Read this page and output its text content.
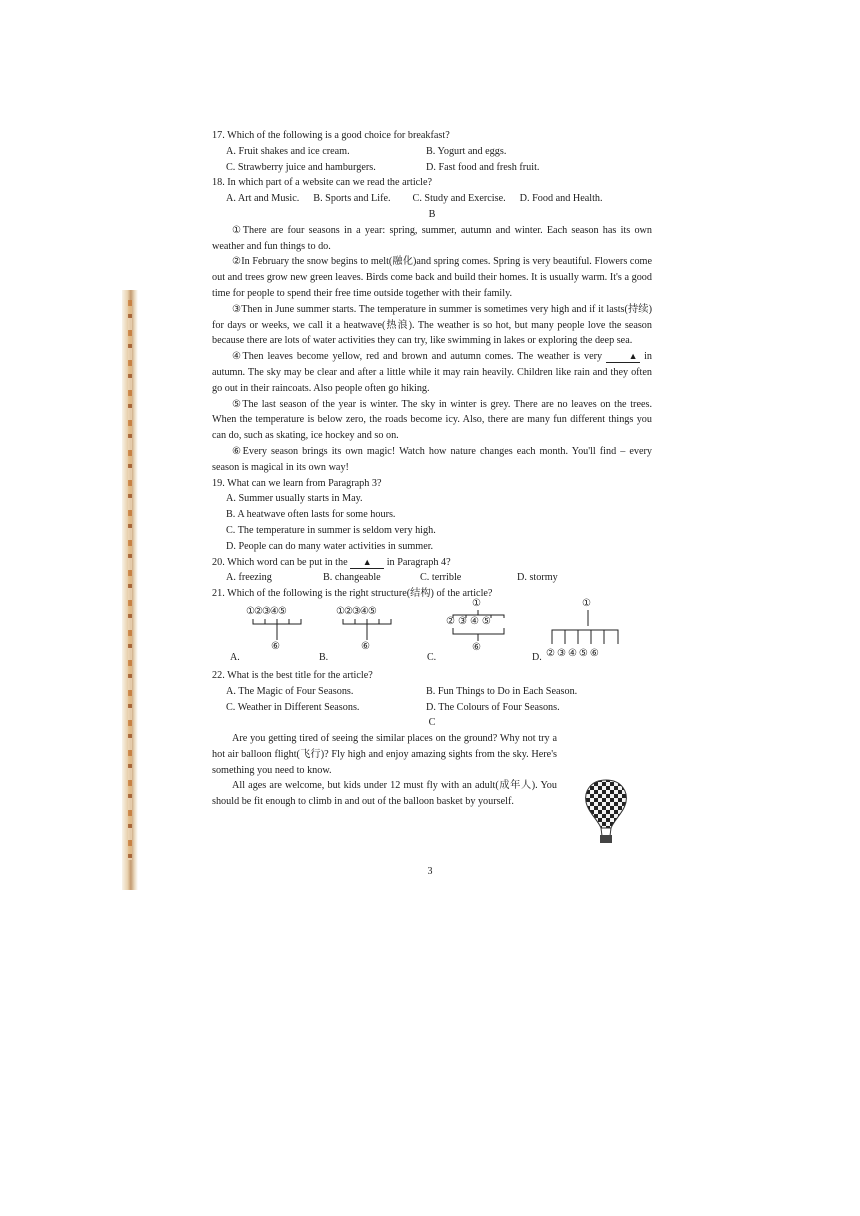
17. Which of the following is a good choice for breakfast?

A. Fruit shakes and ice cream.	B. Yogurt and eggs.
C. Strawberry juice and hamburgers.	D. Fast food and fresh fruit.

18. In which part of a website can we read the article?

A. Art and Music. B. Sports and Life. C. Study and Exercise. D. Food and Health.
B

①There are four seasons in a year: spring, summer, autumn and winter. Each season has its own weather and fun things to do.

②In February the snow begins to melt(融化)and spring comes. Spring is very beautiful. Flowers come out and trees grow new green leaves. Birds come back and build their homes. It is usually warm. It's a good time for people to spend their free time outside together with their family.

③Then in June summer starts. The temperature in summer is sometimes very high and if it lasts(持续) for days or weeks, we call it a heatwave(热浪). The weather is so hot, but many people love the season because there are lots of water activities they can try, like swimming in lakes or exploring the deep sea.

④Then leaves become yellow, red and brown and autumn comes. The weather is very	▲ in autumn. The sky may be clear and after a little while it may rain heavily. Children like rain and they often go out in their raincoats. Also people often go hiking.

⑤The last season of the year is winter. The sky in winter is grey. There are no leaves on the trees. When the temperature is below zero, the roads become icy. Also, there are many fun different things you can do, such as skating, ice hockey and so on.

⑥Every season brings its own magic! Watch how nature changes each month. You'll find – every season is magical in its own way!

19. What can we learn from Paragraph 3?

A. Summer usually starts in May.
B. A heatwave often lasts for some hours.
C. The temperature in summer is seldom very high.
D. People can do many water activities in summer.

20. Which word can be put in the ▲ in Paragraph 4?

A. freezing	B. changeable	C. terrible	D. stormy

21. Which of the following is the right structure(结构) of the article?

A.
①②③④⑤
⑥
B.
①②③④⑤
⑥
C.
①
②③④⑤
⑥
D.
①
②③④⑤⑥

22. What is the best title for the article?

A. The Magic of Four Seasons.	B. Fun Things to Do in Each Season.
C. Weather in Different Seasons.	D. The Colours of Four Seasons.
C

Are you getting tired of seeing the similar places on the ground? Why not try a hot air balloon flight(飞行)? Fly high and enjoy amazing sights from the sky. Here's something you need to know.

All ages are welcome, but kids under 12 must fly with an adult(成年人). You should be fit enough to climb in and out of the balloon basket by yourself.

3
